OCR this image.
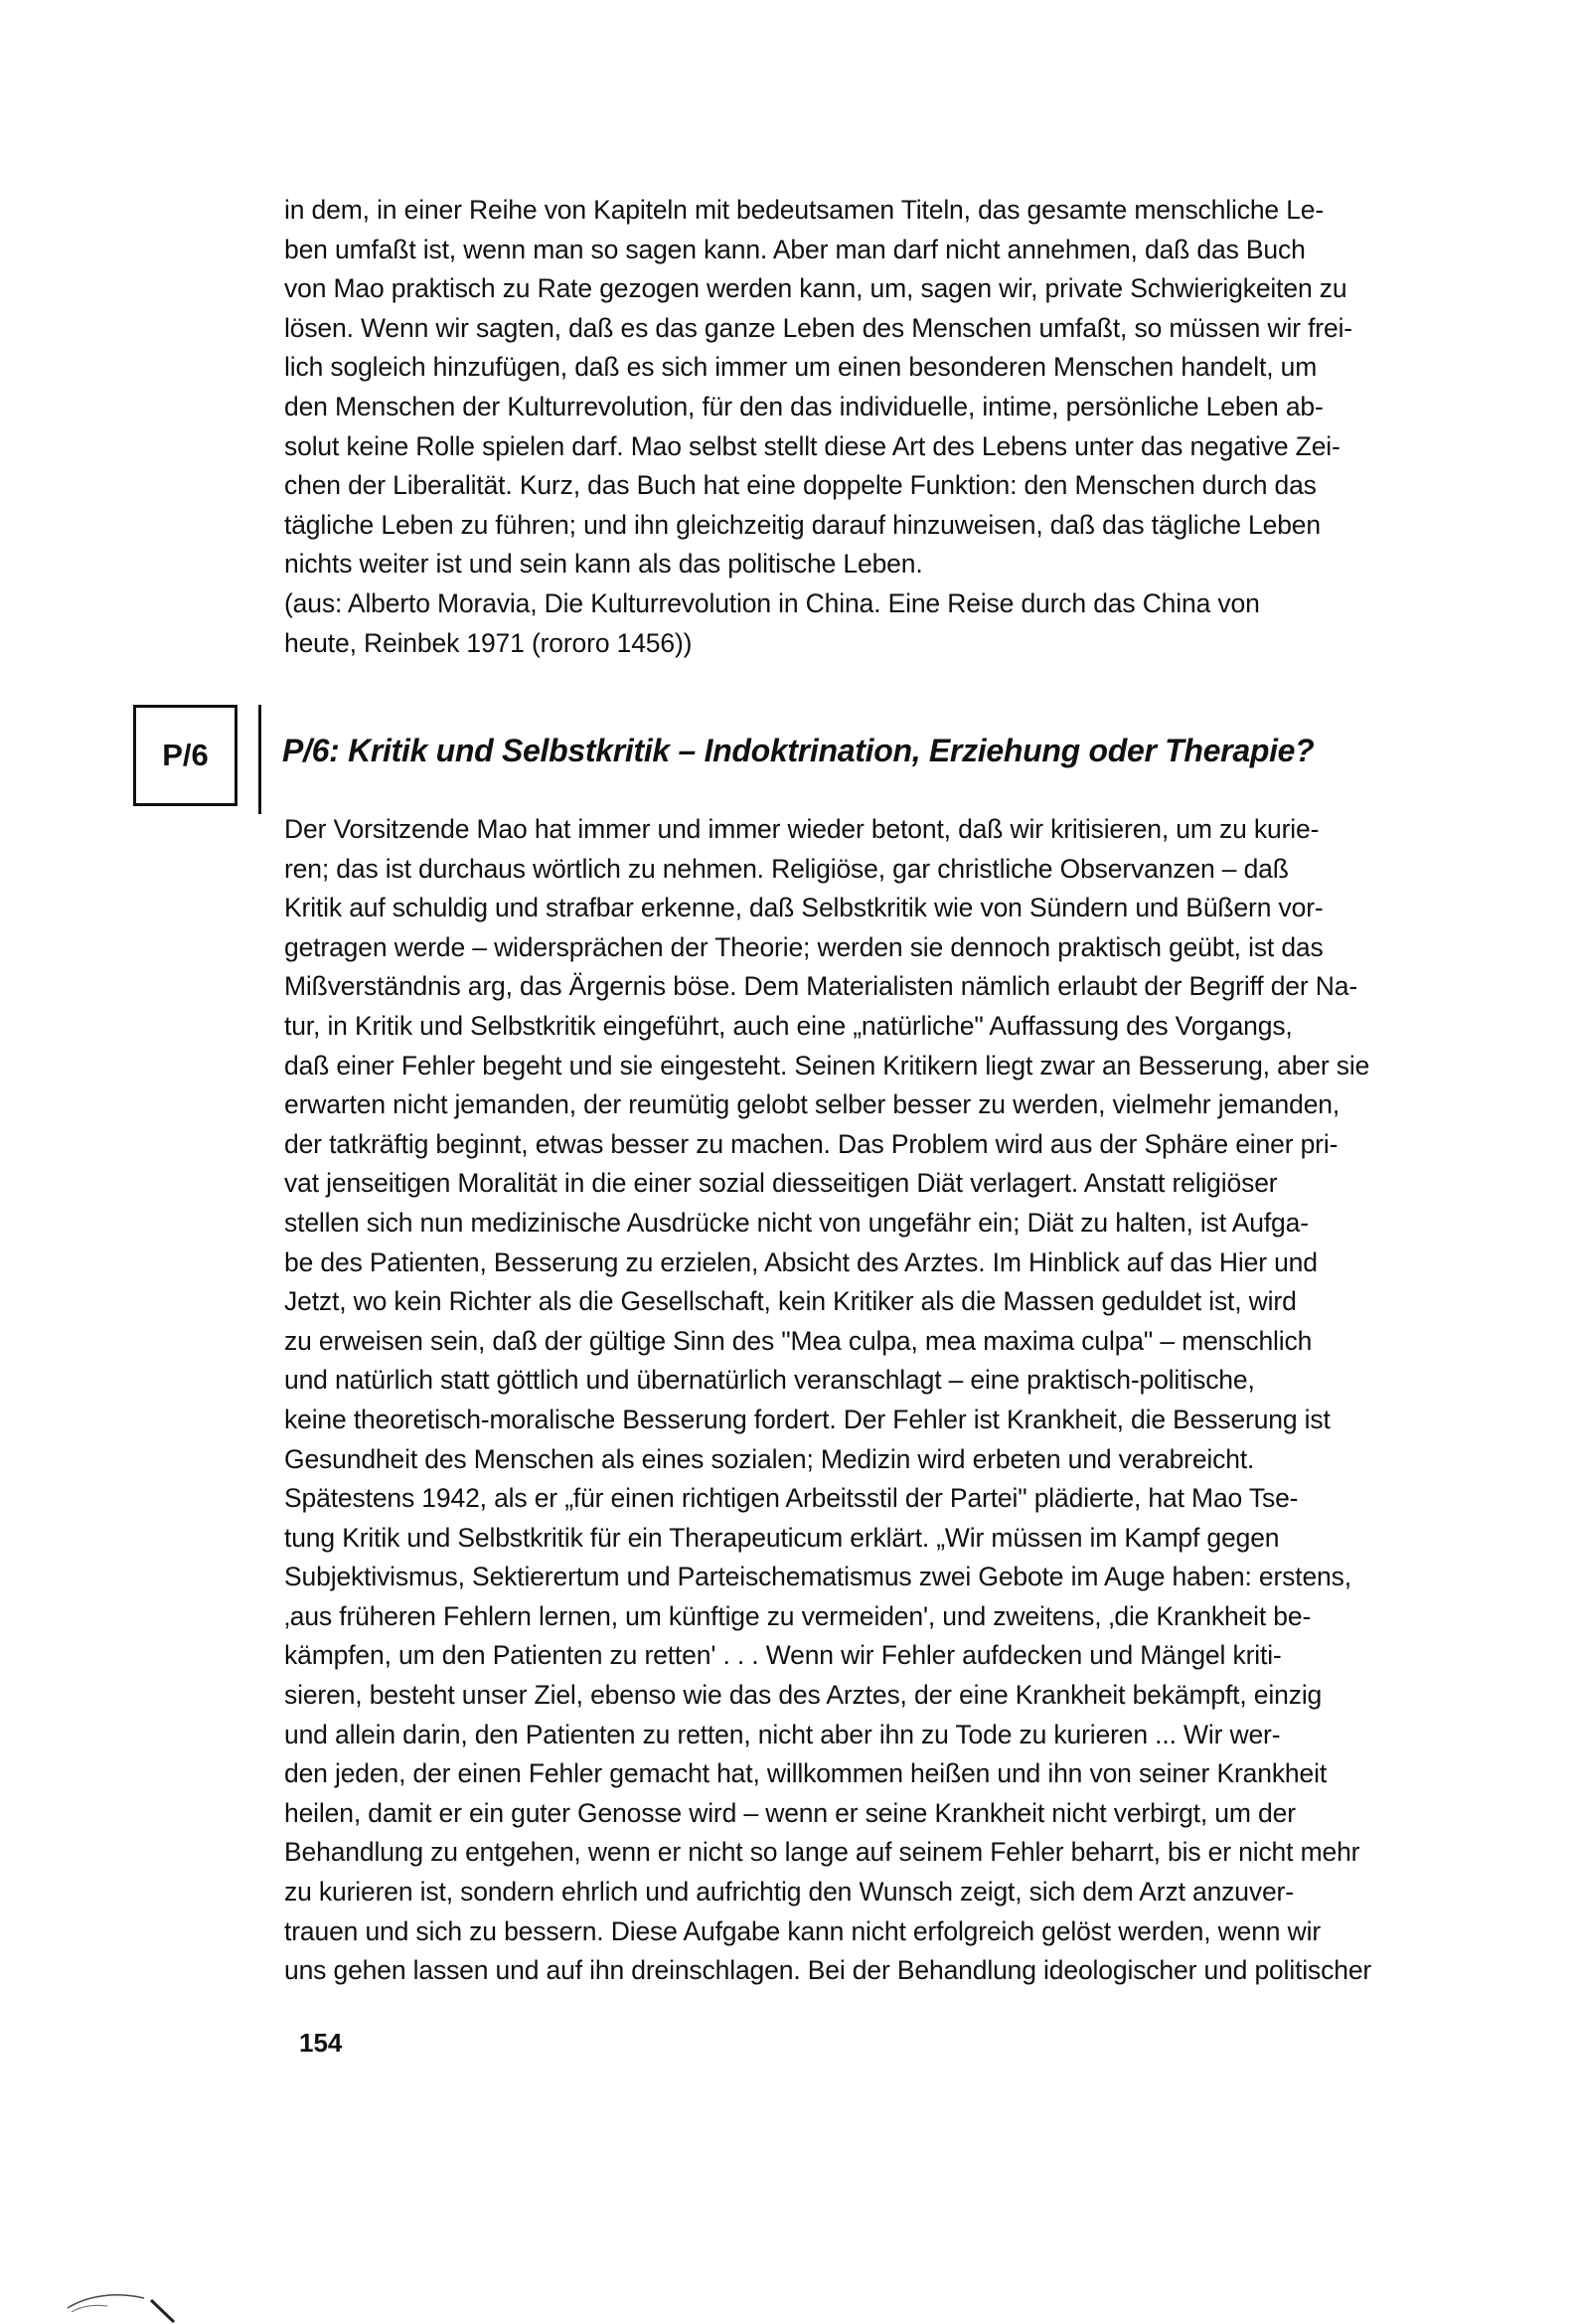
in dem, in einer Reihe von Kapiteln mit bedeutsamen Titeln, das gesamte menschliche Le-
ben umfaßt ist, wenn man so sagen kann. Aber man darf nicht annehmen, daß das Buch
von Mao praktisch zu Rate gezogen werden kann, um, sagen wir, private Schwierigkeiten zu
lösen. Wenn wir sagten, daß es das ganze Leben des Menschen umfaßt, so müssen wir frei-
lich sogleich hinzufügen, daß es sich immer um einen besonderen Menschen handelt, um
den Menschen der Kulturrevolution, für den das individuelle, intime, persönliche Leben ab-
solut keine Rolle spielen darf. Mao selbst stellt diese Art des Lebens unter das negative Zei-
chen der Liberalität. Kurz, das Buch hat eine doppelte Funktion: den Menschen durch das
tägliche Leben zu führen; und ihn gleichzeitig darauf hinzuweisen, daß das tägliche Leben
nichts weiter ist und sein kann als das politische Leben.
(aus: Alberto Moravia, Die Kulturrevolution in China. Eine Reise durch das China von
heute, Reinbek 1971 (rororo 1456))
P/6 P/6: Kritik und Selbstkritik – Indoktrination, Erziehung oder Therapie?
Der Vorsitzende Mao hat immer und immer wieder betont, daß wir kritisieren, um zu kurie-
ren; das ist durchaus wörtlich zu nehmen. Religiöse, gar christliche Observanzen – daß
Kritik auf schuldig und strafbar erkenne, daß Selbstkritik wie von Sündern und Büßern vor-
getragen werde – widersprächen der Theorie; werden sie dennoch praktisch geübt, ist das
Mißverständnis arg, das Ärgernis böse. Dem Materialisten nämlich erlaubt der Begriff der Na-
tur, in Kritik und Selbstkritik eingeführt, auch eine „natürliche" Auffassung des Vorgangs,
daß einer Fehler begeht und sie eingesteht. Seinen Kritikern liegt zwar an Besserung, aber sie
erwarten nicht jemanden, der reumütig gelobt selber besser zu werden, vielmehr jemanden,
der tatkräftig beginnt, etwas besser zu machen. Das Problem wird aus der Sphäre einer pri-
vat jenseitigen Moralität in die einer sozial diesseitigen Diät verlagert. Anstatt religiöser
stellen sich nun medizinische Ausdrücke nicht von ungefähr ein; Diät zu halten, ist Aufga-
be des Patienten, Besserung zu erzielen, Absicht des Arztes. Im Hinblick auf das Hier und
Jetzt, wo kein Richter als die Gesellschaft, kein Kritiker als die Massen geduldet ist, wird
zu erweisen sein, daß der gültige Sinn des "Mea culpa, mea maxima culpa" – menschlich
und natürlich statt göttlich und übernatürlich veranschlagt – eine praktisch-politische,
keine theoretisch-moralische Besserung fordert. Der Fehler ist Krankheit, die Besserung ist
Gesundheit des Menschen als eines sozialen; Medizin wird erbeten und verabreicht.
Spätestens 1942, als er „für einen richtigen Arbeitsstil der Partei" plädierte, hat Mao Tse-
tung Kritik und Selbstkritik für ein Therapeuticum erklärt. „Wir müssen im Kampf gegen
Subjektivismus, Sektierertum und Parteischematismus zwei Gebote im Auge haben: erstens,
‚aus früheren Fehlern lernen, um künftige zu vermeiden', und zweitens, ‚die Krankheit be-
kämpfen, um den Patienten zu retten' . . . Wenn wir Fehler aufdecken und Mängel kriti-
sieren, besteht unser Ziel, ebenso wie das des Arztes, der eine Krankheit bekämpft, einzig
und allein darin, den Patienten zu retten, nicht aber ihn zu Tode zu kurieren ... Wir wer-
den jeden, der einen Fehler gemacht hat, willkommen heißen und ihn von seiner Krankheit
heilen, damit er ein guter Genosse wird – wenn er seine Krankheit nicht verbirgt, um der
Behandlung zu entgehen, wenn er nicht so lange auf seinem Fehler beharrt, bis er nicht mehr
zu kurieren ist, sondern ehrlich und aufrichtig den Wunsch zeigt, sich dem Arzt anzuver-
trauen und sich zu bessern. Diese Aufgabe kann nicht erfolgreich gelöst werden, wenn wir
uns gehen lassen und auf ihn dreinschlagen. Bei der Behandlung ideologischer und politischer
154
